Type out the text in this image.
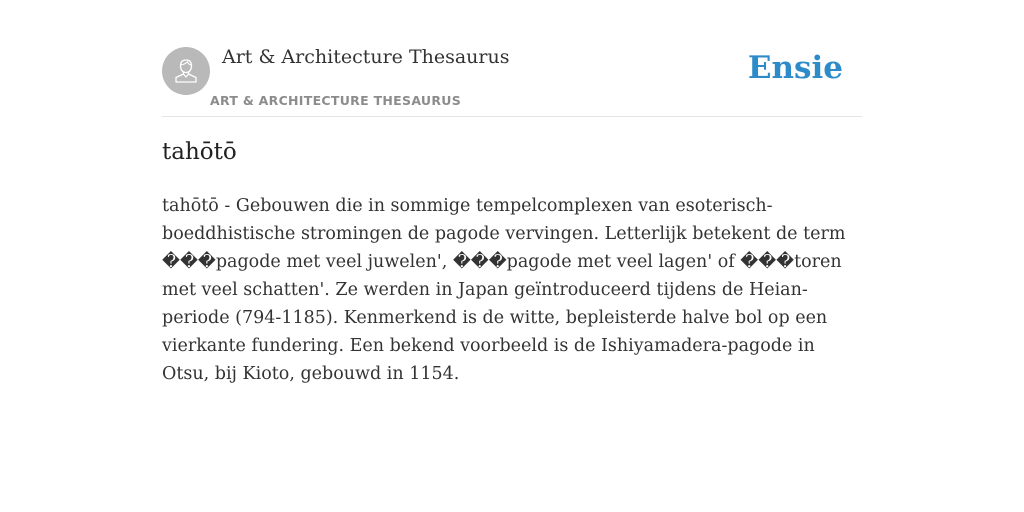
Art & Architecture Thesaurus
ART & ARCHITECTURE THESAURUS
Ensie
tahōtō

tahōtō - Gebouwen die in sommige tempelcomplexen van esoterisch-boeddhistische stromingen de pagode vervingen. Letterlijk betekent de term ���pagode met veel juwelen', ���pagode met veel lagen' of ���toren met veel schatten'. Ze werden in Japan geïntroduceerd tijdens de Heian-periode (794-1185). Kenmerkend is de witte, bepleisterde halve bol op een vierkante fundering. Een bekend voorbeeld is de Ishiyamadera-pagode in Otsu, bij Kioto, gebouwd in 1154.
